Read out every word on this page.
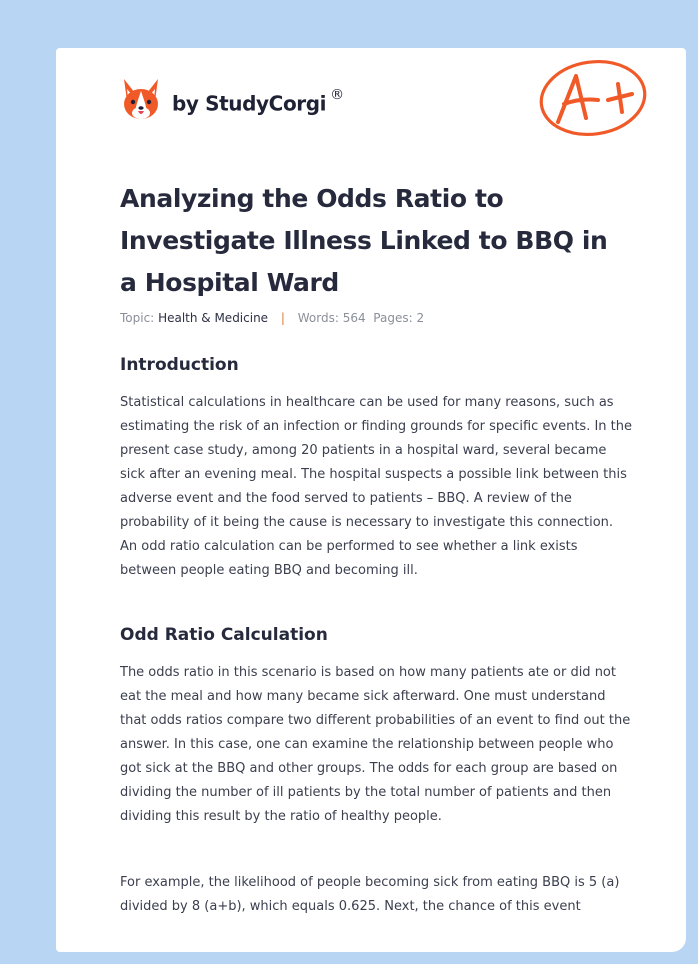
by StudyCorgi ®
A+
Analyzing the Odds Ratio to Investigate Illness Linked to BBQ in a Hospital Ward
Topic: Health & Medicine | Words: 564 Pages: 2
Introduction

Statistical calculations in healthcare can be used for many reasons, such as estimating the risk of an infection or finding grounds for specific events. In the present case study, among 20 patients in a hospital ward, several became sick after an evening meal. The hospital suspects a possible link between this adverse event and the food served to patients – BBQ. A review of the probability of it being the cause is necessary to investigate this connection. An odd ratio calculation can be performed to see whether a link exists between people eating BBQ and becoming ill.

Odd Ratio Calculation

The odds ratio in this scenario is based on how many patients ate or did not eat the meal and how many became sick afterward. One must understand that odds ratios compare two different probabilities of an event to find out the answer. In this case, one can examine the relationship between people who got sick at the BBQ and other groups. The odds for each group are based on dividing the number of ill patients by the total number of patients and then dividing this result by the ratio of healthy people.

For example, the likelihood of people becoming sick from eating BBQ is 5 (a) divided by 8 (a+b), which equals 0.625. Next, the chance of this event
